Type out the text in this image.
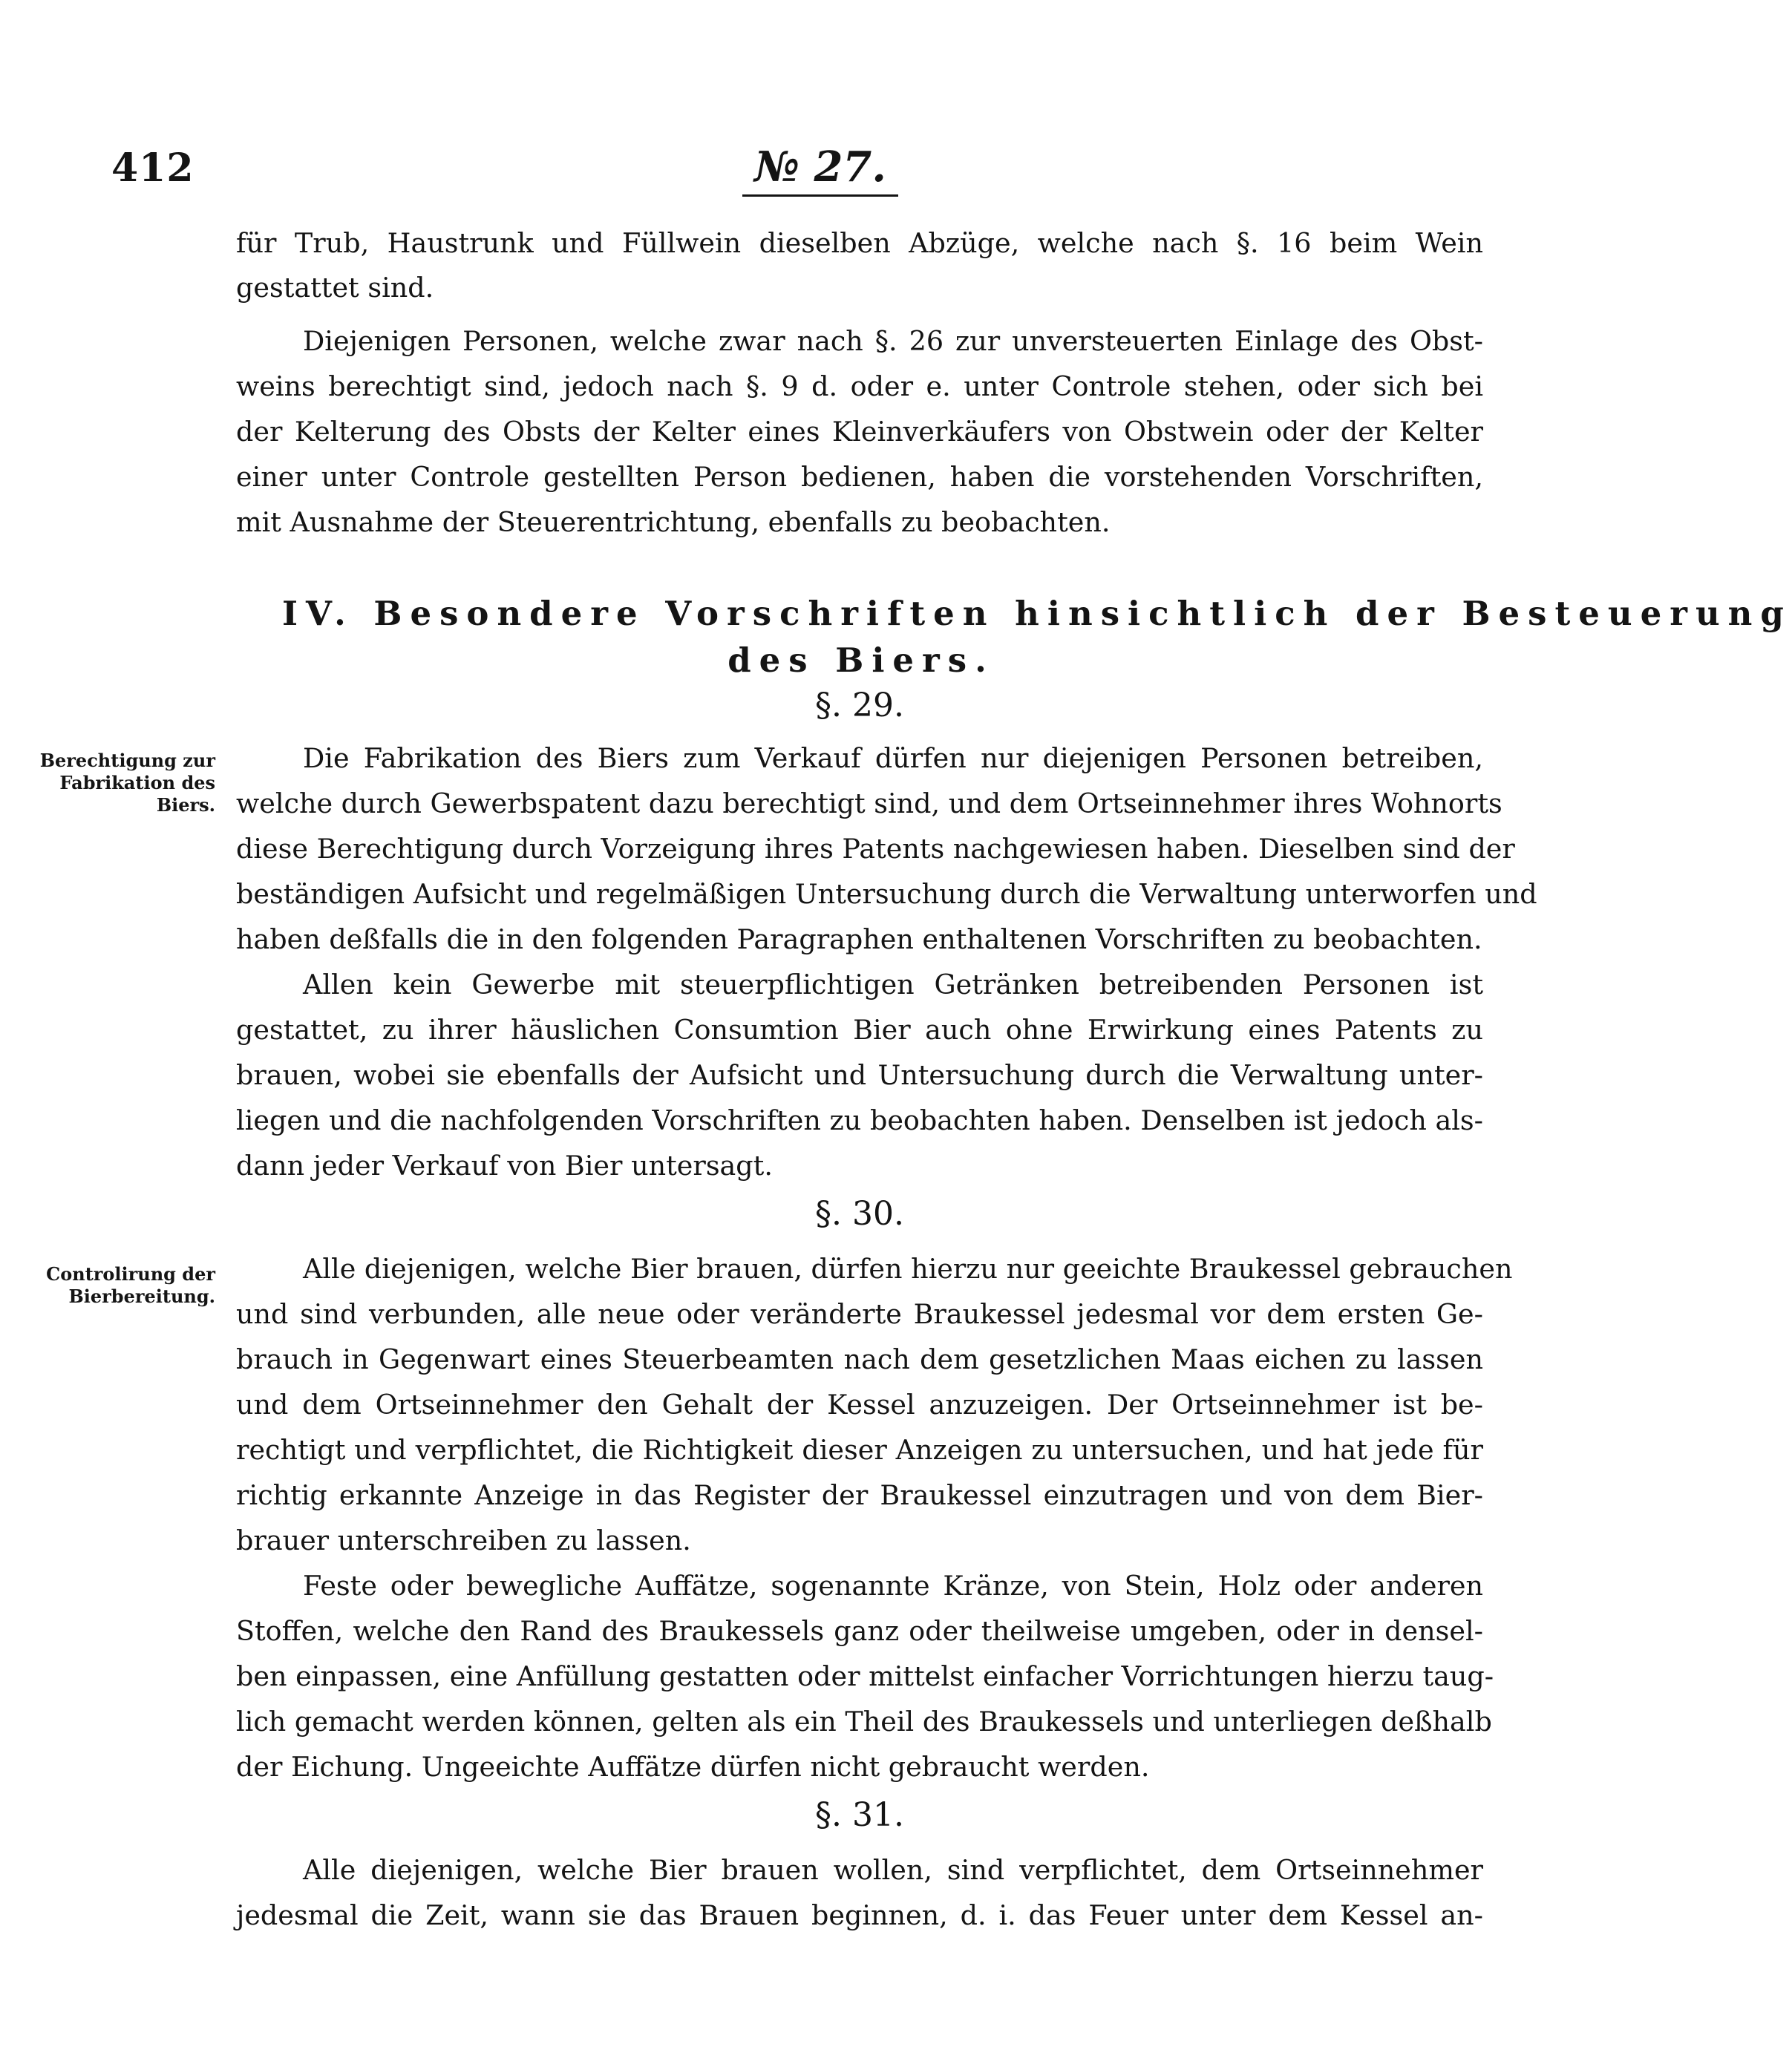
412	№ 27.
für Trub, Haustrunk und Füllwein dieselben Abzüge, welche nach §. 16 beim Wein
gestattet sind.
Diejenigen Personen, welche zwar nach §. 26 zur unversteuerten Einlage des Obst-
weins berechtigt sind, jedoch nach §. 9 d. oder e. unter Controle stehen, oder sich bei
der Kelterung des Obsts der Kelter eines Kleinverkäufers von Obstwein oder der Kelter
einer unter Controle gestellten Person bedienen, haben die vorstehenden Vorschriften,
mit Ausnahme der Steuerentrichtung, ebenfalls zu beobachten.
IV. Besondere Vorschriften hinsichtlich der Besteuerung
des Biers.
§. 29.
Berechtigung zur
Fabrikation des
Biers.
Die Fabrikation des Biers zum Verkauf dürfen nur diejenigen Personen betreiben,
welche durch Gewerbspatent dazu berechtigt sind, und dem Ortseinnehmer ihres Wohnorts
diese Berechtigung durch Vorzeigung ihres Patents nachgewiesen haben. Dieselben sind der
beständigen Aufsicht und regelmäßigen Untersuchung durch die Verwaltung unterworfen und
haben deßfalls die in den folgenden Paragraphen enthaltenen Vorschriften zu beobachten.
Allen kein Gewerbe mit steuerpflichtigen Getränken betreibenden Personen ist
gestattet, zu ihrer häuslichen Consumtion Bier auch ohne Erwirkung eines Patents zu
brauen, wobei sie ebenfalls der Aufsicht und Untersuchung durch die Verwaltung unter-
liegen und die nachfolgenden Vorschriften zu beobachten haben. Denselben ist jedoch als-
dann jeder Verkauf von Bier untersagt.
§. 30.
Controlirung der
Bierbereitung.
Alle diejenigen, welche Bier brauen, dürfen hierzu nur geeichte Braukessel gebrauchen
und sind verbunden, alle neue oder veränderte Braukessel jedesmal vor dem ersten Ge-
brauch in Gegenwart eines Steuerbeamten nach dem gesetzlichen Maas eichen zu lassen
und dem Ortseinnehmer den Gehalt der Kessel anzuzeigen. Der Ortseinnehmer ist be-
rechtigt und verpflichtet, die Richtigkeit dieser Anzeigen zu untersuchen, und hat jede für
richtig erkannte Anzeige in das Register der Braukessel einzutragen und von dem Bier-
brauer unterschreiben zu lassen.
Feste oder bewegliche Auffätze, sogenannte Kränze, von Stein, Holz oder anderen
Stoffen, welche den Rand des Braukessels ganz oder theilweise umgeben, oder in densel-
ben einpassen, eine Anfüllung gestatten oder mittelst einfacher Vorrichtungen hierzu taug-
lich gemacht werden können, gelten als ein Theil des Braukessels und unterliegen deßhalb
der Eichung. Ungeeichte Auffätze dürfen nicht gebraucht werden.
§. 31.
Alle diejenigen, welche Bier brauen wollen, sind verpflichtet, dem Ortseinnehmer
jedesmal die Zeit, wann sie das Brauen beginnen, d. i. das Feuer unter dem Kessel an-
